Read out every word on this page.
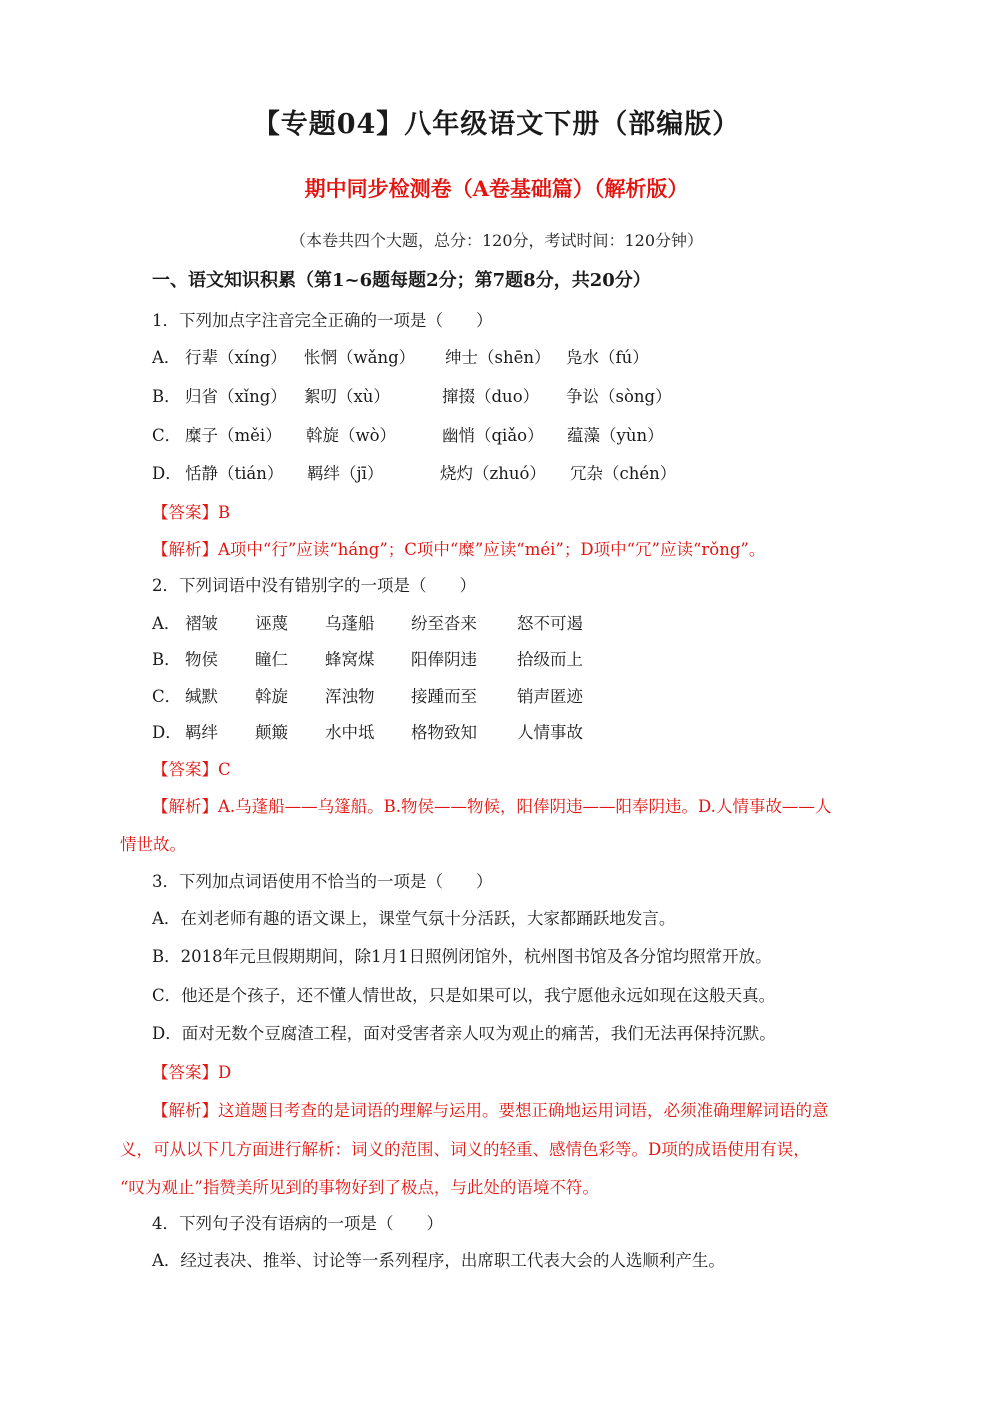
【专题04】八年级语文下册（部编版）
期中同步检测卷（A卷基础篇）（解析版）
（本卷共四个大题，总分：120分，考试时间：120分钟）
一、语文知识积累（第1~6题每题2分；第7题8分，共20分）
1．下列加点字注音完全正确的一项是（　　）
A． 行辈（xíng） 怅惘（wǎng） 绅士（shēn） 凫水（fú）
B． 归省（xǐng） 絮叨（xù）	撺掇（duo） 争讼（sòng）
C． 糜子（měi） 斡旋（wò）	幽悄（qiǎo） 蕴藻（yùn）
D． 恬静（tián） 羁绊（jī）	烧灼（zhuó） 冗杂（chén）
【答案】B
【解析】A项中“行”应读“háng”；C项中“糜”应读“méi”；D项中“冗”应读“rǒng”。
2．下列词语中没有错别字的一项是（　　）
A． 褶皱 诬蔑 乌蓬船 纷至沓来 怒不可遏
B． 物侯 瞳仁 蜂窝煤 阳俸阴违 拾级而上
C． 缄默 斡旋 浑浊物 接踵而至 销声匿迹
D． 羁绊 颠簸 水中坻 格物致知 人情事故
【答案】C
【解析】A.乌蓬船——乌篷船。B.物侯——物候，阳俸阴违——阳奉阴违。D.人情事故——人
情世故。
3．下列加点词语使用不恰当的一项是（　　）
A．在刘老师有趣的语文课上，课堂气氛十分活跃，大家都踊跃地发言。
B．2018年元旦假期期间，除1月1日照例闭馆外，杭州图书馆及各分馆均照常开放。
C．他还是个孩子，还不懂人情世故，只是如果可以，我宁愿他永远如现在这般天真。
D．面对无数个豆腐渣工程，面对受害者亲人叹为观止的痛苦，我们无法再保持沉默。
【答案】D
【解析】这道题目考查的是词语的理解与运用。要想正确地运用词语，必须准确理解词语的意
义，可从以下几方面进行解析：词义的范围、词义的轻重、感情色彩等。D项的成语使用有误，
“叹为观止”指赞美所见到的事物好到了极点，与此处的语境不符。
4．下列句子没有语病的一项是（　　）
A．经过表决、推举、讨论等一系列程序，出席职工代表大会的人选顺利产生。
